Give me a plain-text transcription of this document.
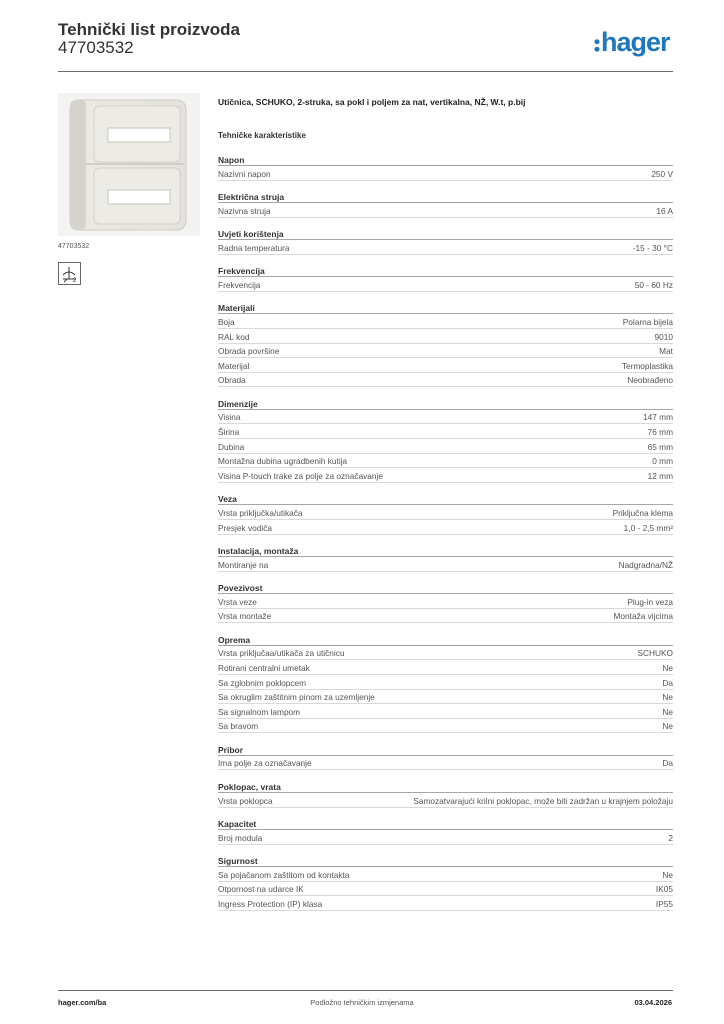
Tehnički list proizvoda
47703532	hager
47703532
2
Utičnica, SCHUKO, 2-struka, sa pokl i poljem za nat, vertikalna, NŽ, W.t, p.bij
Tehničke karakteristike
Napon
Nazivni napon	250 V
Električna struja
Nazivna struja	16 A
Uvjeti korištenja
Radna temperatura	-15 - 30 °C
Frekvencija
Frekvencija	50 - 60 Hz
Materijali
Boja	Polarna bijela
RAL kod	9010
Obrada površine	Mat
Materijal	Termoplastika
Obrada	Neobrađeno
Dimenzije
Visina	147 mm
Širina	76 mm
Dubina	65 mm
Montažna dubina ugradbenih kutija	0 mm
Visina P-touch trake za polje za označavanje	12 mm
Veza
Vrsta priključka/utikača	Priključna klema
Presjek vodiča	1,0 - 2,5 mm²
Instalacija, montaža
Montiranje na	Nadgradna/NŽ
Povezivost
Vrsta veze	Plug-in veza
Vrsta montaže	Montaža vijcima
Oprema
Vrsta priključaa/utikača za utičnicu	SCHUKO
Rotirani centralni umetak	Ne
Sa zglobnim poklopcem	Da
Sa okruglim zaštitnim pinom za uzemljenje	Ne
Sa signalnom lampom	Ne
Sa bravom	Ne
Pribor
Ima polje za označavanje	Da
Poklopac, vrata
Vrsta poklopca	Samozatvarajući krilni poklopac, može biti zadržan u krajnjem položaju
Kapacitet
Broj modula	2
Sigurnost
Sa pojačanom zaštitom od kontakta	Ne
Otpornost na udarce IK	IK05
Ingress Protection (IP) klasa	IP55
hager.com/ba	Podložno tehničkim izmjenama	03.04.2026
